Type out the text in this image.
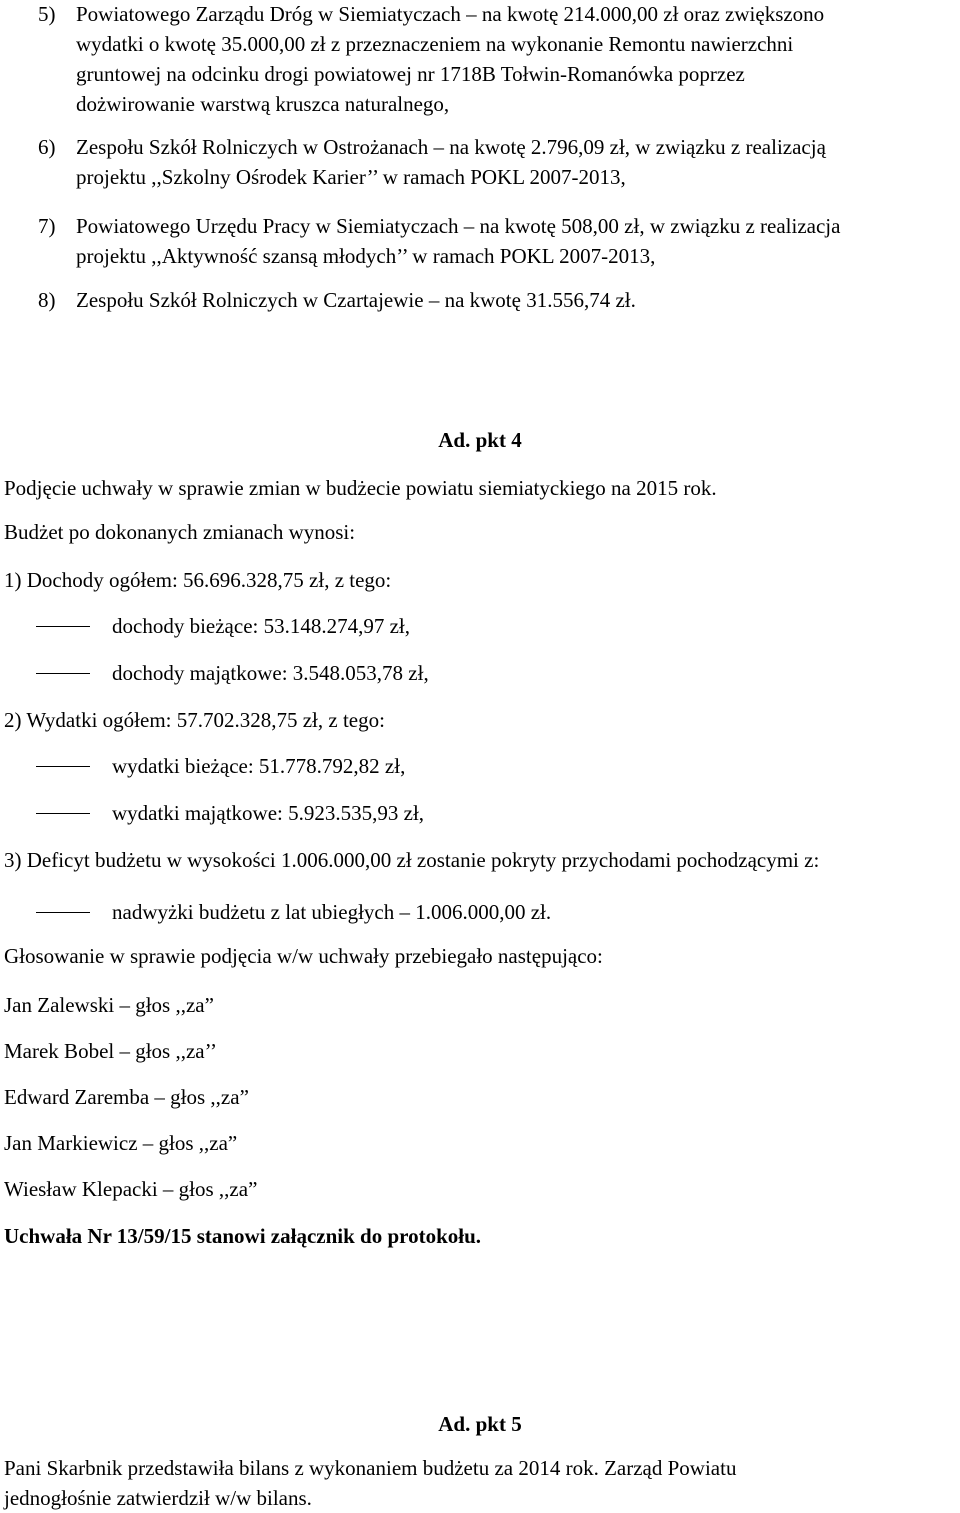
5) Powiatowego Zarządu Dróg w Siemiatyczach – na kwotę 214.000,00 zł oraz zwiększono
wydatki o kwotę 35.000,00 zł z przeznaczeniem na wykonanie Remontu nawierzchni
gruntowej na odcinku drogi powiatowej nr 1718B Tołwin-Romanówka poprzez
dożwirowanie warstwą kruszca naturalnego,
6) Zespołu Szkół Rolniczych w Ostrożanach – na kwotę 2.796,09 zł, w związku z realizacją
projektu ,,Szkolny Ośrodek Karier’’ w ramach POKL 2007-2013,
7) Powiatowego Urzędu Pracy w Siemiatyczach – na kwotę 508,00 zł, w związku z realizacja
projektu ,,Aktywność szansą młodych’’ w ramach POKL 2007-2013,
8) Zespołu Szkół Rolniczych w Czartajewie – na kwotę 31.556,74 zł.
Ad. pkt 4
Podjęcie uchwały w sprawie zmian w budżecie powiatu siemiatyckiego na 2015 rok.
Budżet po dokonanych zmianach wynosi:
1) Dochody ogółem: 56.696.328,75 zł, z tego:
dochody bieżące: 53.148.274,97 zł,
dochody majątkowe: 3.548.053,78 zł,
2) Wydatki ogółem: 57.702.328,75 zł, z tego:
wydatki bieżące: 51.778.792,82 zł,
wydatki majątkowe: 5.923.535,93 zł,
3) Deficyt budżetu w wysokości 1.006.000,00 zł zostanie pokryty przychodami pochodzącymi z:
nadwyżki budżetu z lat ubiegłych – 1.006.000,00 zł.
Głosowanie w sprawie podjęcia w/w uchwały przebiegało następująco:
Jan Zalewski – głos ,,za”
Marek Bobel – głos ,,za’’
Edward Zaremba – głos ,,za”
Jan Markiewicz – głos ,,za”
Wiesław Klepacki – głos ,,za”
Uchwała Nr 13/59/15 stanowi załącznik do protokołu.
Ad. pkt 5
Pani Skarbnik przedstawiła bilans z wykonaniem budżetu za 2014 rok. Zarząd Powiatu
jednogłośnie zatwierdził w/w bilans.
